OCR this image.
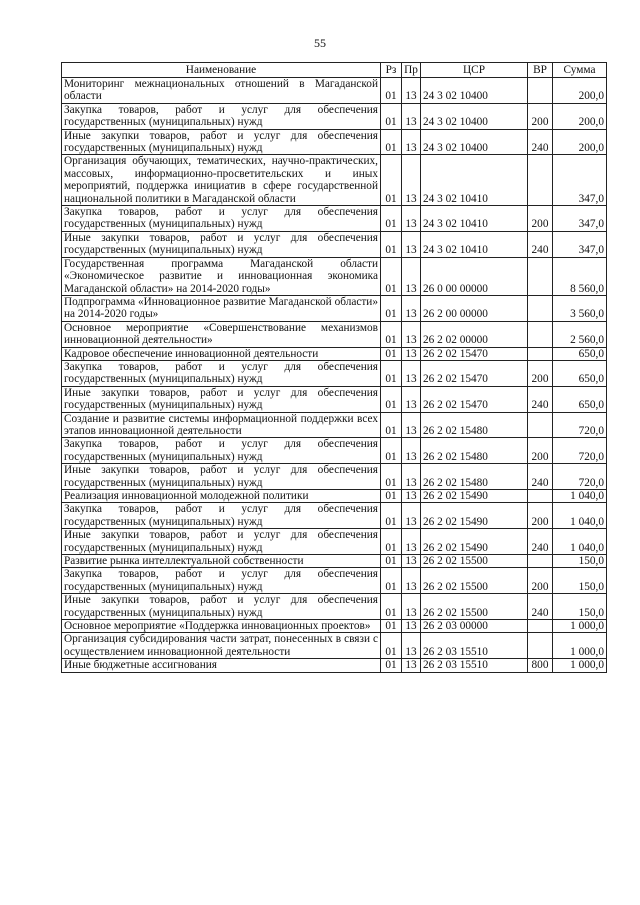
55
Наименование	Рз	Пр	ЦСР	ВР	Сумма
Мониторинг межнациональных отношений в Магаданской области	01	13	24 3 02 10400		200,0
Закупка товаров, работ и услуг для обеспечения государственных (муниципальных) нужд	01	13	24 3 02 10400	200	200,0
Иные закупки товаров, работ и услуг для обеспечения государственных (муниципальных) нужд	01	13	24 3 02 10400	240	200,0
Организация обучающих, тематических, научно-практических, массовых, информационно-просветительских и иных мероприятий, поддержка инициатив в сфере государственной национальной политики в Магаданской области	01	13	24 3 02 10410		347,0
Закупка товаров, работ и услуг для обеспечения государственных (муниципальных) нужд	01	13	24 3 02 10410	200	347,0
Иные закупки товаров, работ и услуг для обеспечения государственных (муниципальных) нужд	01	13	24 3 02 10410	240	347,0
Государственная программа Магаданской области «Экономическое развитие и инновационная экономика Магаданской области» на 2014-2020 годы»	01	13	26 0 00 00000		8 560,0
Подпрограмма «Инновационное развитие Магаданской области» на 2014-2020 годы»	01	13	26 2 00 00000		3 560,0
Основное мероприятие «Совершенствование механизмов инновационной деятельности»	01	13	26 2 02 00000		2 560,0
Кадровое обеспечение инновационной деятельности	01	13	26 2 02 15470		650,0
Закупка товаров, работ и услуг для обеспечения государственных (муниципальных) нужд	01	13	26 2 02 15470	200	650,0
Иные закупки товаров, работ и услуг для обеспечения государственных (муниципальных) нужд	01	13	26 2 02 15470	240	650,0
Создание и развитие системы информационной поддержки всех этапов инновационной деятельности	01	13	26 2 02 15480		720,0
Закупка товаров, работ и услуг для обеспечения государственных (муниципальных) нужд	01	13	26 2 02 15480	200	720,0
Иные закупки товаров, работ и услуг для обеспечения государственных (муниципальных) нужд	01	13	26 2 02 15480	240	720,0
Реализация инновационной молодежной политики	01	13	26 2 02 15490		1 040,0
Закупка товаров, работ и услуг для обеспечения государственных (муниципальных) нужд	01	13	26 2 02 15490	200	1 040,0
Иные закупки товаров, работ и услуг для обеспечения государственных (муниципальных) нужд	01	13	26 2 02 15490	240	1 040,0
Развитие рынка интеллектуальной собственности	01	13	26 2 02 15500		150,0
Закупка товаров, работ и услуг для обеспечения государственных (муниципальных) нужд	01	13	26 2 02 15500	200	150,0
Иные закупки товаров, работ и услуг для обеспечения государственных (муниципальных) нужд	01	13	26 2 02 15500	240	150,0
Основное мероприятие «Поддержка инновационных проектов»	01	13	26 2 03 00000		1 000,0
Организация субсидирования части затрат, понесенных в связи с осуществлением инновационной деятельности	01	13	26 2 03 15510		1 000,0
Иные бюджетные ассигнования	01	13	26 2 03 15510	800	1 000,0
